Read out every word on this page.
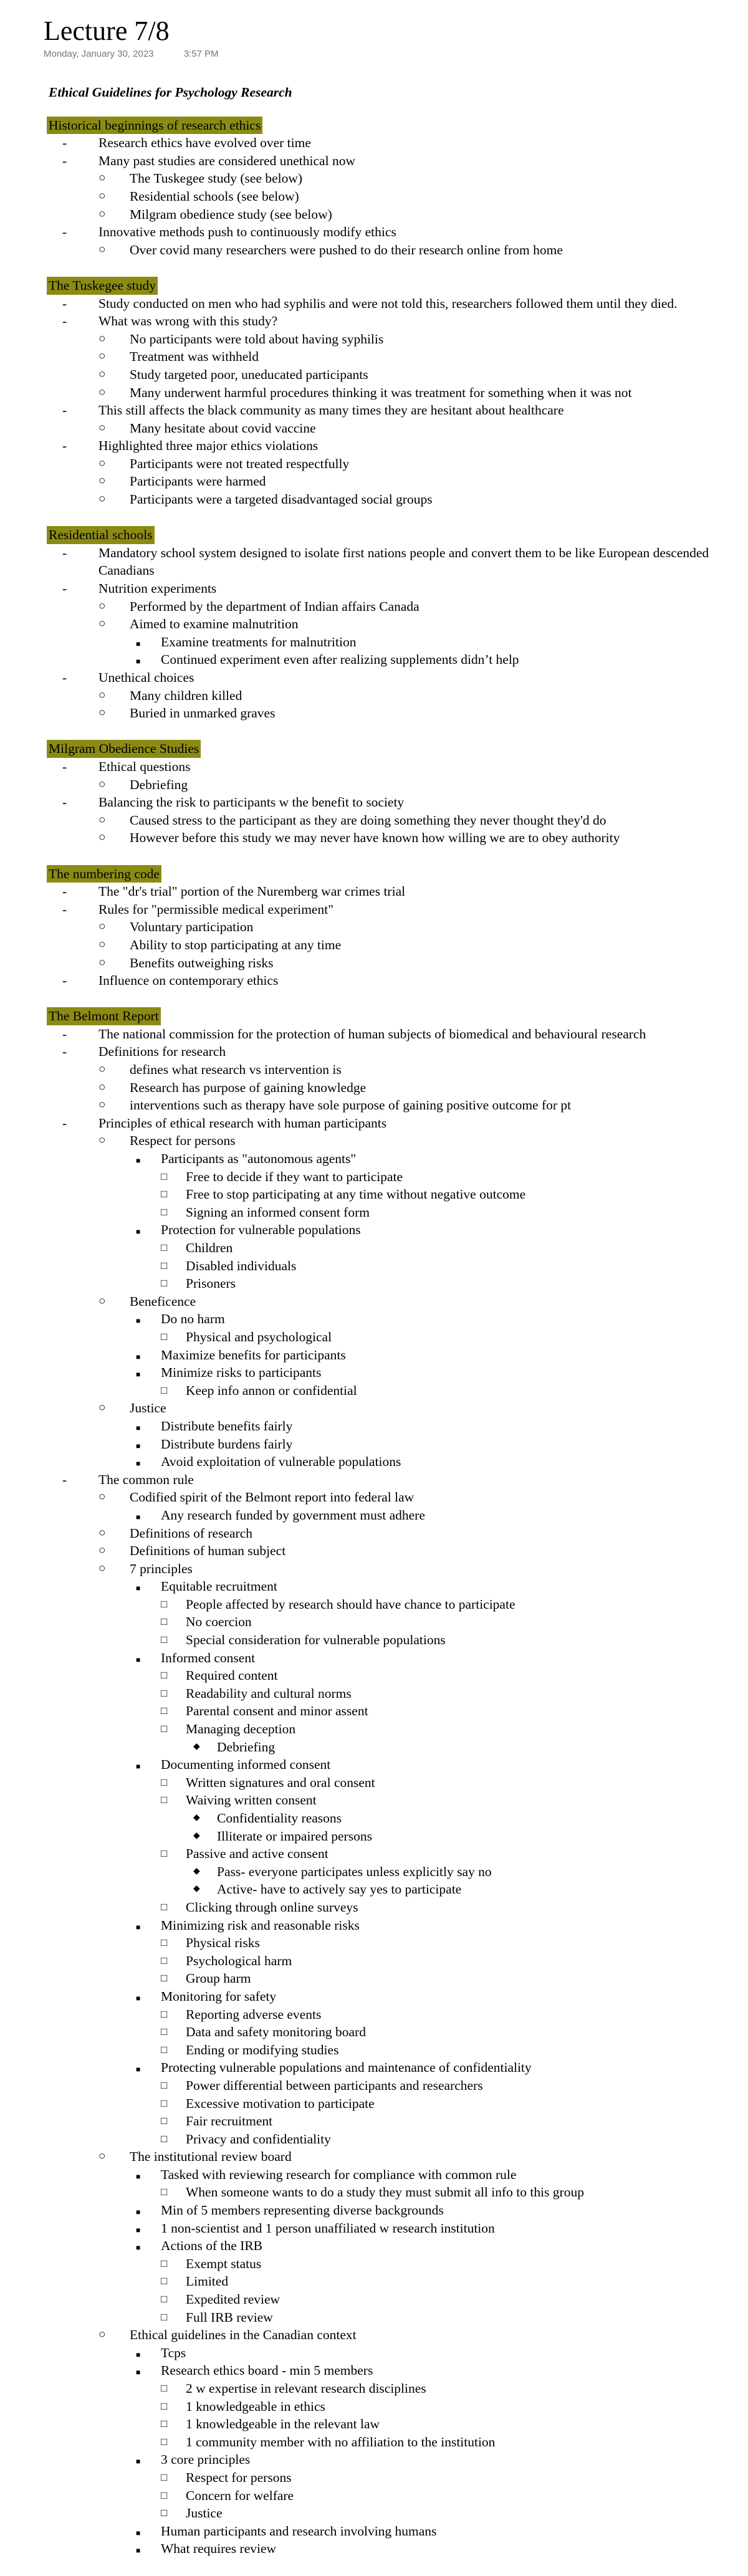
Lecture 7/8
Monday, January 30, 2023	3:57 PM
Ethical Guidelines for Psychology Research
Historical beginnings of research ethics
- Research ethics have evolved over time
- Many past studies are considered unethical now
○ The Tuskegee study (see below)
○ Residential schools (see below)
○ Milgram obedience study (see below)
- Innovative methods push to continuously modify ethics
○ Over covid many researchers were pushed to do their research online from home
The Tuskegee study
- Study conducted on men who had syphilis and were not told this, researchers followed them until they died.
- What was wrong with this study?
○ No participants were told about having syphilis
○ Treatment was withheld
○ Study targeted poor, uneducated participants
○ Many underwent harmful procedures thinking it was treatment for something when it was not
- This still affects the black community as many times they are hesitant about healthcare
○ Many hesitate about covid vaccine
- Highlighted three major ethics violations
○ Participants were not treated respectfully
○ Participants were harmed
○ Participants were a targeted disadvantaged social groups
Residential schools
- Mandatory school system designed to isolate first nations people and convert them to be like European descended Canadians
- Nutrition experiments
○ Performed by the department of Indian affairs Canada
○ Aimed to examine malnutrition
■ Examine treatments for malnutrition
■ Continued experiment even after realizing supplements didn’t help
- Unethical choices
○ Many children killed
○ Buried in unmarked graves
Milgram Obedience Studies
- Ethical questions
○ Debriefing
- Balancing the risk to participants w the benefit to society
○ Caused stress to the participant as they are doing something they never thought they'd do
○ However before this study we may never have known how willing we are to obey authority
The numbering code
- The "dr's trial" portion of the Nuremberg war crimes trial
- Rules for "permissible medical experiment"
○ Voluntary participation
○ Ability to stop participating at any time
○ Benefits outweighing risks
- Influence on contemporary ethics
The Belmont Report
- The national commission for the protection of human subjects of biomedical and behavioural research
- Definitions for research
○ defines what research vs intervention is
○ Research has purpose of gaining knowledge
○ interventions such as therapy have sole purpose of gaining positive outcome for pt
- Principles of ethical research with human participants
○ Respect for persons
■ Participants as "autonomous agents"
□ Free to decide if they want to participate
□ Free to stop participating at any time without negative outcome
□ Signing an informed consent form
■ Protection for vulnerable populations
□ Children
□ Disabled individuals
□ Prisoners
○ Beneficence
■ Do no harm
□ Physical and psychological
■ Maximize benefits for participants
■ Minimize risks to participants
□ Keep info annon or confidential
○ Justice
■ Distribute benefits fairly
■ Distribute burdens fairly
■ Avoid exploitation of vulnerable populations
- The common rule
○ Codified spirit of the Belmont report into federal law
■ Any research funded by government must adhere
○ Definitions of research
○ Definitions of human subject
○ 7 principles
■ Equitable recruitment
□ People affected by research should have chance to participate
□ No coercion
□ Special consideration for vulnerable populations
■ Informed consent
□ Required content
□ Readability and cultural norms
□ Parental consent and minor assent
□ Managing deception
◆ Debriefing
■ Documenting informed consent
□ Written signatures and oral consent
□ Waiving written consent
◆ Confidentiality reasons
◆ Illiterate or impaired persons
□ Passive and active consent
◆ Pass- everyone participates unless explicitly say no
◆ Active- have to actively say yes to participate
□ Clicking through online surveys
■ Minimizing risk and reasonable risks
□ Physical risks
□ Psychological harm
□ Group harm
■ Monitoring for safety
□ Reporting adverse events
□ Data and safety monitoring board
□ Ending or modifying studies
■ Protecting vulnerable populations and maintenance of confidentiality
□ Power differential between participants and researchers
□ Excessive motivation to participate
□ Fair recruitment
□ Privacy and confidentiality
○ The institutional review board
■ Tasked with reviewing research for compliance with common rule
□ When someone wants to do a study they must submit all info to this group
■ Min of 5 members representing diverse backgrounds
■ 1 non-scientist and 1 person unaffiliated w research institution
■ Actions of the IRB
□ Exempt status
□ Limited
□ Expedited review
□ Full IRB review
○ Ethical guidelines in the Canadian context
■ Tcps
■ Research ethics board - min 5 members
□ 2 w expertise in relevant research disciplines
□ 1 knowledgeable in ethics
□ 1 knowledgeable in the relevant law
□ 1 community member with no affiliation to the institution
■ 3 core principles
□ Respect for persons
□ Concern for welfare
□ Justice
■ Human participants and research involving humans
■ What requires review
